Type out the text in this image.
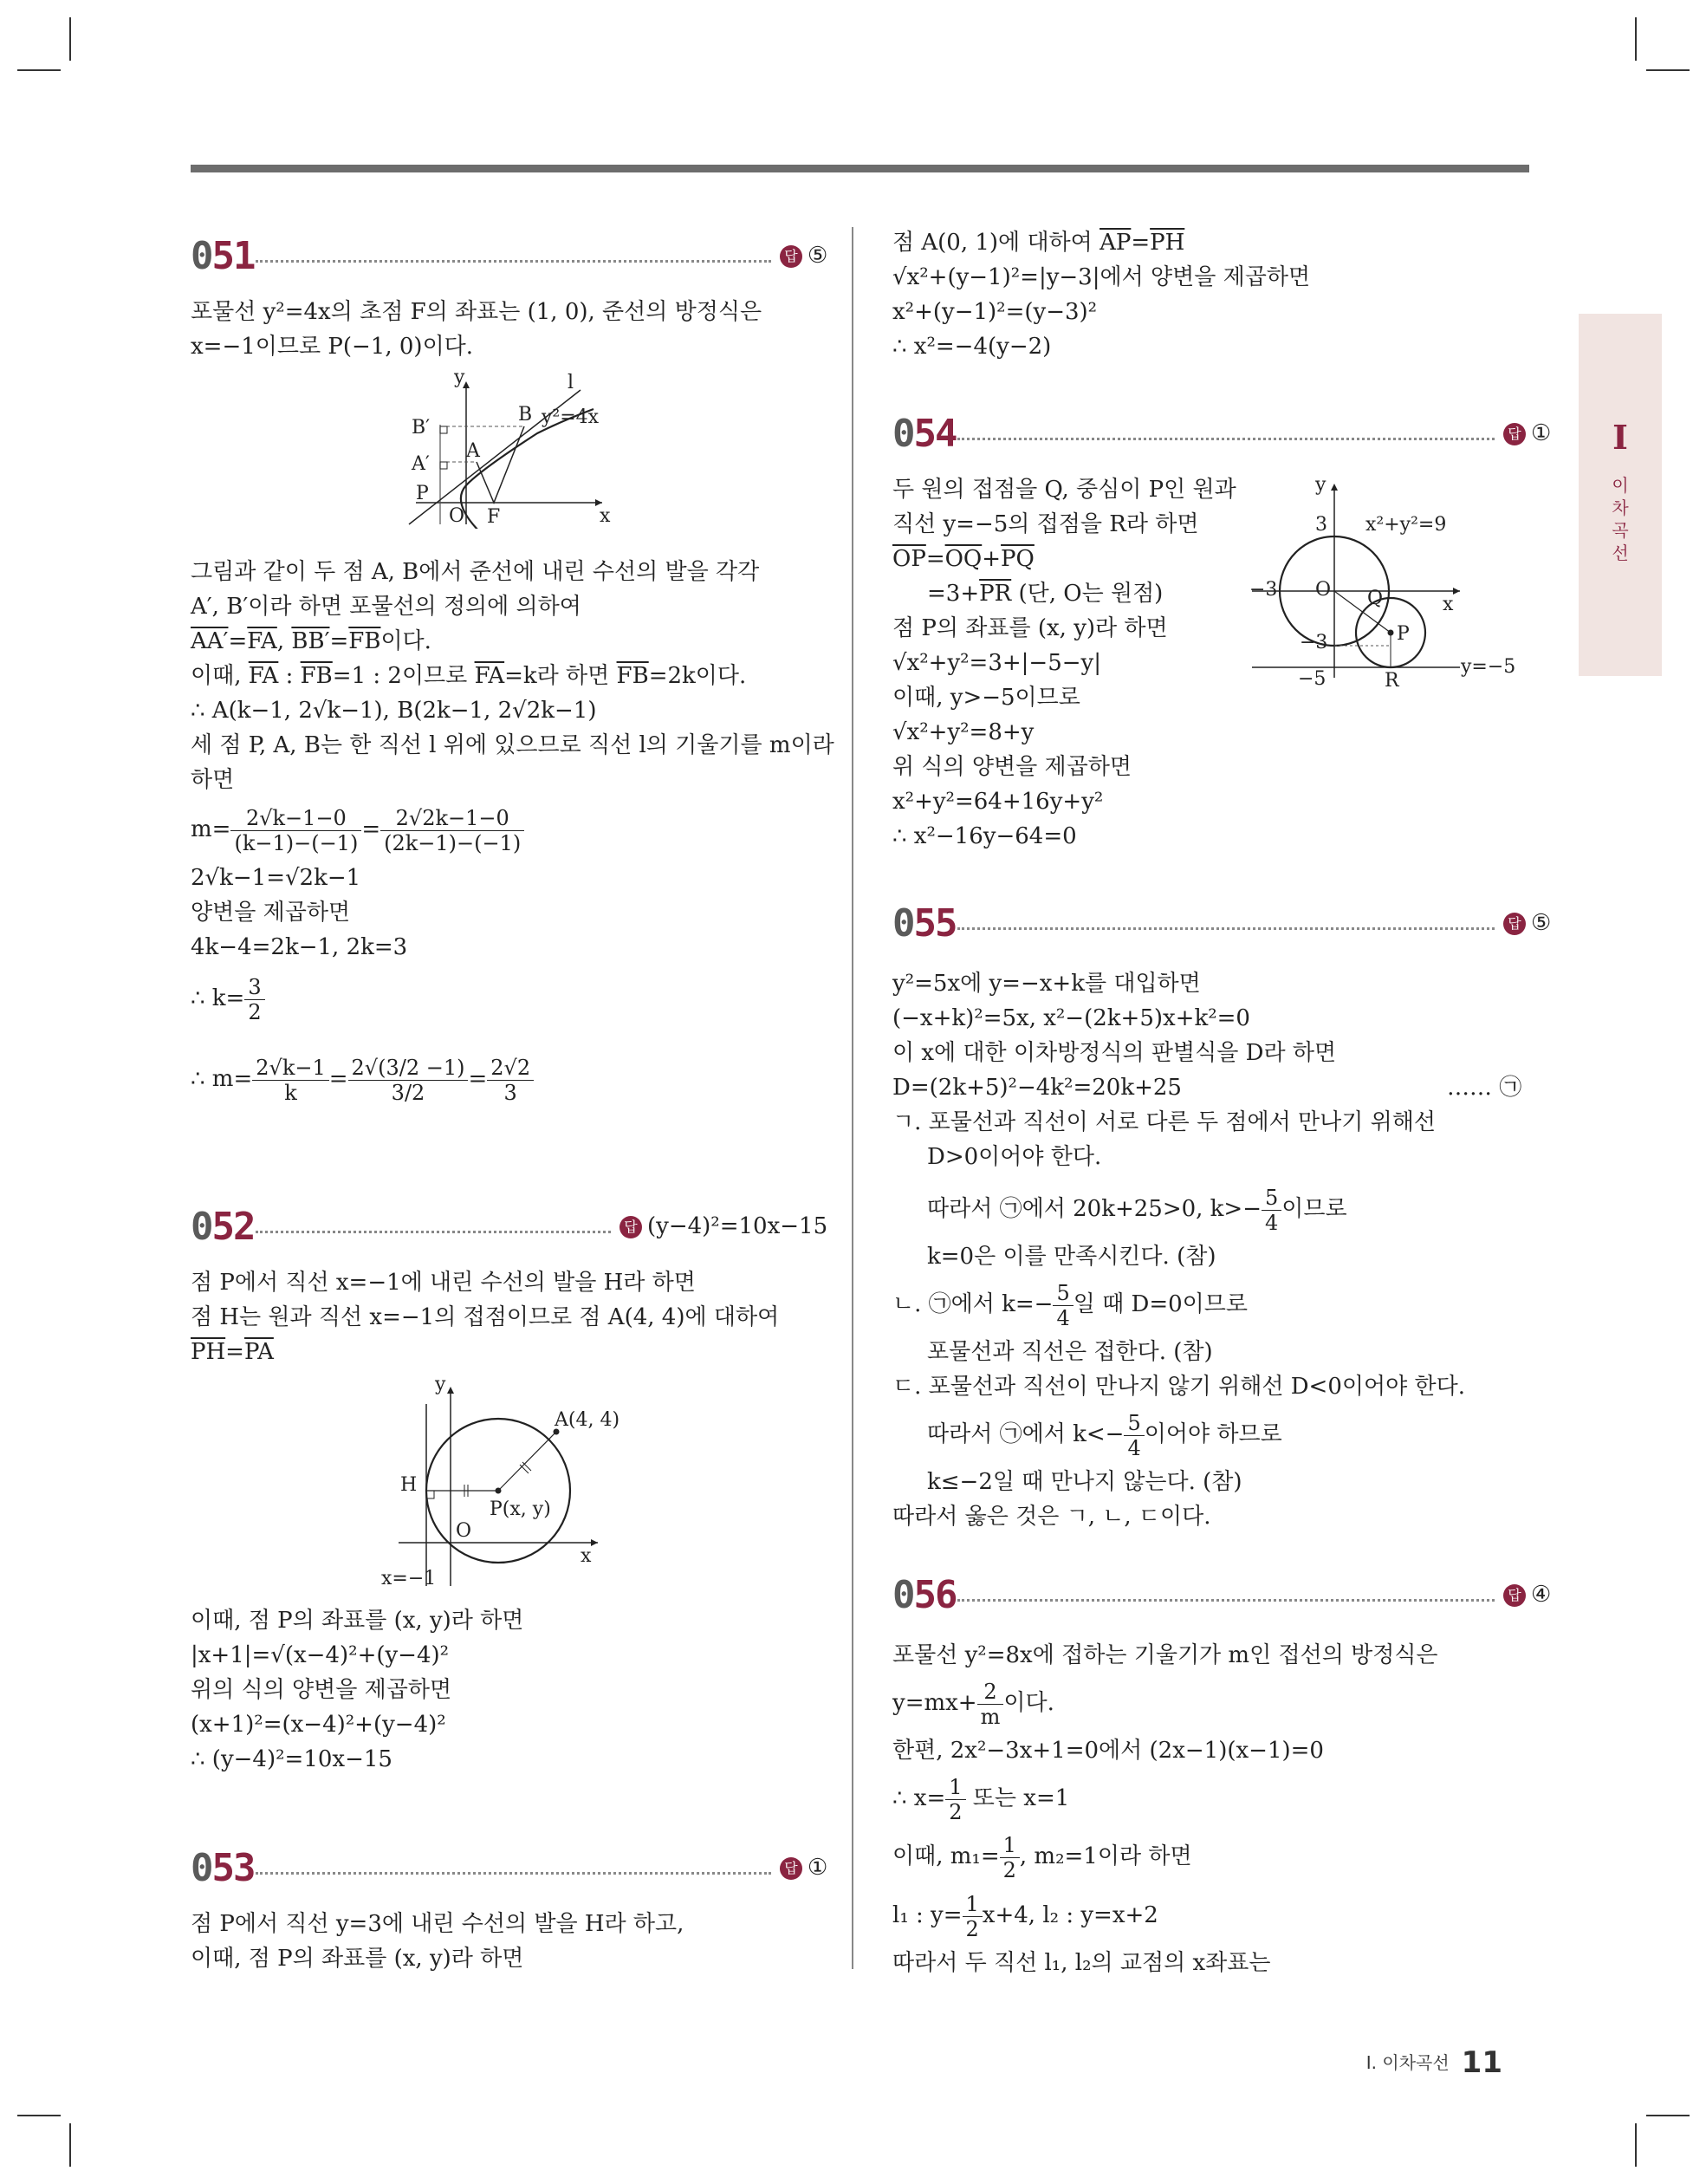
I
이
차
곡
선
051	답 ⑤
포물선 y²=4x의 초점 F의 좌표는 (1, 0), 준선의 방정식은
x=−1이므로 P(−1, 0)이다.
y
x
l
B′
B y²=4x
A′
A
P
O F
그림과 같이 두 점 A, B에서 준선에 내린 수선의 발을 각각
A′, B′이라 하면 포물선의 정의에 의하여
$AA'=\overline{FA}$, $BB'=\overline{FB}$이다.
이때, $\overline{FA}$ : $\overline{FB}=1$ : 2이므로 $\overline{FA}=k$라 하면 $\overline{FB}=2k$이다.
∴ A(k−1, 2√k−1), B(2k−1, 2√2k−1)
세 점 P, A, B는 한 직선 l 위에 있으므로 직선 l의 기울기를 m이라
하면
$m= \frac{2√k-1-0}{(k-1)-(-1)} = \frac{2√2k-1-0}{(2k-1)-(-1)}$
2√k−1=√2k−1
양변을 제곱하면
4k−4=2k−1, 2k=3
∴ $k= \frac{3}{2}$
∴ $m= \frac{2√k-1}{k} = \frac{2√(3/2 -1)}{3/2} = \frac{2√2}{3}$
052	답 (y−4)²=10x−15
점 P에서 직선 x=−1에 내린 수선의 발을 H라 하면
점 H는 원과 직선 x=−1의 접점이므로 점 A(4, 4)에 대하여
$\overline{PH}=\overline{PA}$
y
x
A(4, 4)
H
P(x, y)
O
x=−1
이때, 점 P의 좌표를 (x, y)라 하면
|x+1|=√(x−4)²+(y−4)²
위의 식의 양변을 제곱하면
(x+1)²=(x−4)²+(y−4)²
∴ (y−4)²=10x−15
053	답 ①
점 P에서 직선 y=3에 내린 수선의 발을 H라 하고,
이때, 점 P의 좌표를 (x, y)라 하면
점 A(0, 1)에 대하여 $\overline{AP}=\overline{PH}$
√x²+(y−1)²=|y−3|에서 양변을 제곱하면
x²+(y−1)²=(y−3)²
∴ x²=−4(y−2)
054	답 ①
두 원의 접점을 Q, 중심이 P인 원과
직선 y=−5의 접점을 R라 하면
$\overline{OP}=\overline{OQ}+\overline{PQ}$
$=3+\overline{PR}$ (단, O는 원점)
점 P의 좌표를 (x, y)라 하면
√x²+y²=3+|−5−y|
이때, y>−5이므로
√x²+y²=8+y
위 식의 양변을 제곱하면
x²+y²=64+16y+y²
∴ x²−16y−64=0
y
x
x²+y²=9
3
−3
−3
−5
O Q
P
R
y=−5
055	답 ⑤
y²=5x에 y=−x+k를 대입하면
(−x+k)²=5x, x²−(2k+5)x+k²=0
이 x에 대한 이차방정식의 판별식을 D라 하면
D=(2k+5)²−4k²=20k+25	…… ㉠
ㄱ. 포물선과 직선이 서로 다른 두 점에서 만나기 위해선
D>0이어야 한다.
따라서 ㉠에서 20k+25>0, $k>- \frac{5}{4}$ 이므로
k=0은 이를 만족시킨다. (참)
ㄴ. ㉠에서 $k=- \frac{5}{4}$ 일 때 D=0이므로
포물선과 직선은 접한다. (참)
ㄷ. 포물선과 직선이 만나지 않기 위해선 D<0이어야 한다.
따라서 ㉠에서 $k<- \frac{5}{4}$ 이어야 하므로
k≤−2일 때 만나지 않는다. (참)
따라서 옳은 것은 ㄱ, ㄴ, ㄷ이다.
056	답 ④
포물선 y²=8x에 접하는 기울기가 m인 접선의 방정식은
$y=mx+ \frac{2}{m}$ 이다.
한편, 2x²−3x+1=0에서 (2x−1)(x−1)=0
∴ $x= \frac{1}{2}$ 또는 x=1
이때, $m_1= \frac{1}{2}$ , m₂=1이라 하면
l₁ : $y= \frac{1}{2} x+4$, l₂ : y=x+2
따라서 두 직선 l₁, l₂의 교점의 x좌표는
I. 이차곡선 11
